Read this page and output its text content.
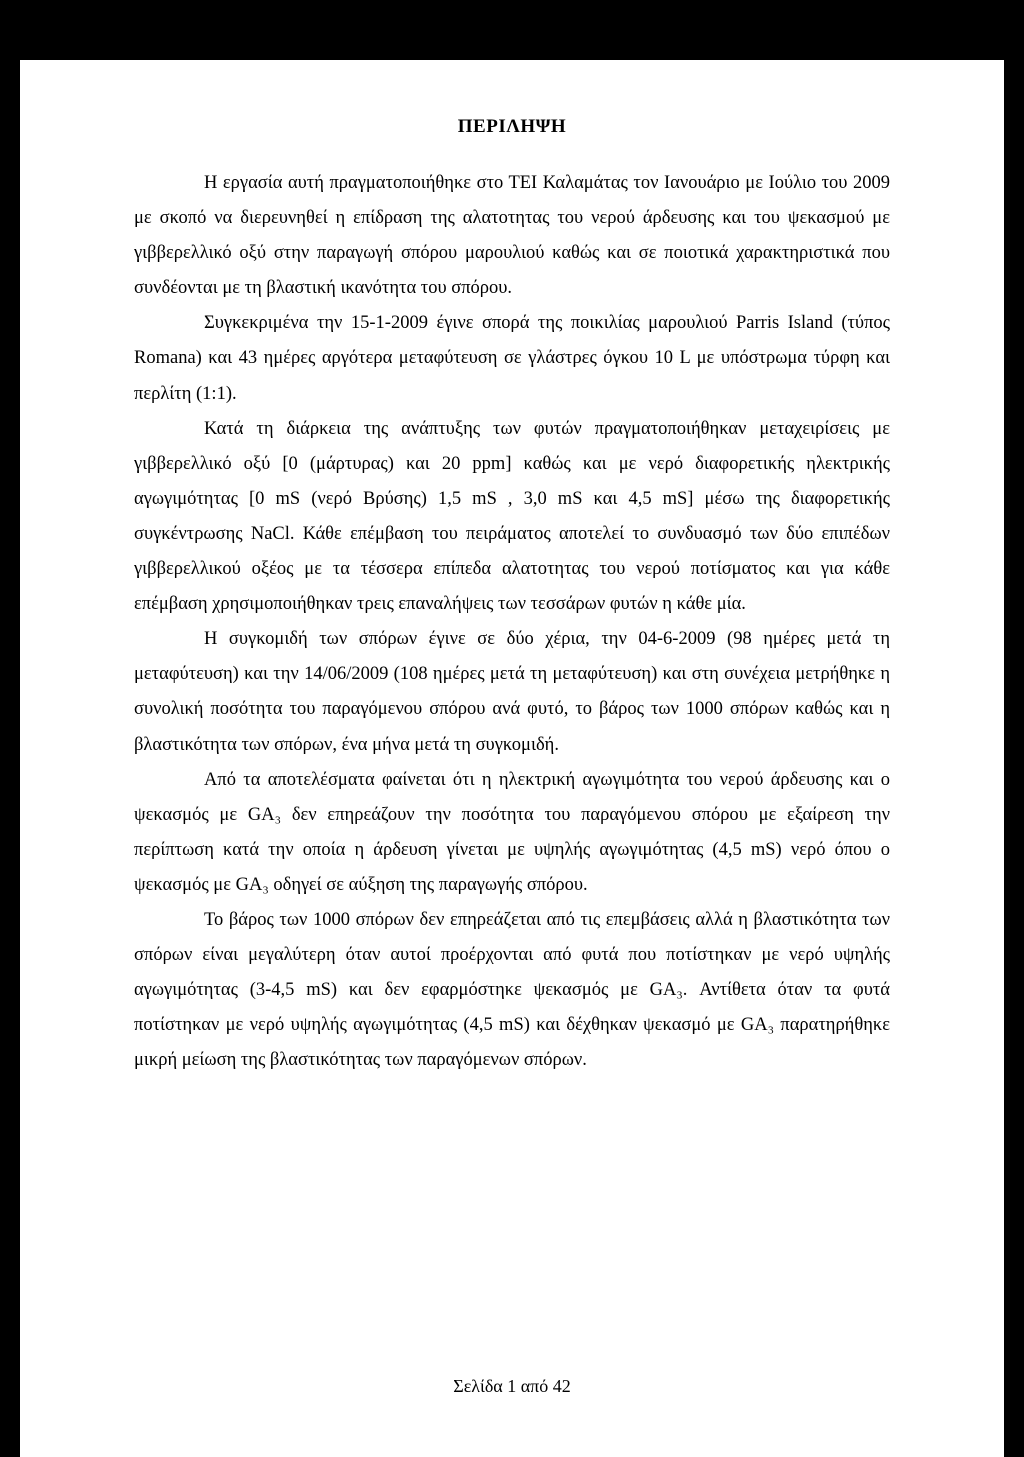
ΠΕΡΙΛΗΨΗ

Η εργασία αυτή πραγματοποιήθηκε στο ΤΕΙ Καλαμάτας τον Ιανουάριο με Ιούλιο του 2009 με σκοπό να διερευνηθεί η επίδραση της αλατοτητας του νερού άρδευσης και του ψεκασμού με γιββερελλικό οξύ στην παραγωγή σπόρου μαρουλιού καθώς και σε ποιοτικά χαρακτηριστικά που συνδέονται με τη βλαστική ικανότητα του σπόρου.

Συγκεκριμένα την 15-1-2009 έγινε σπορά της ποικιλίας μαρουλιού Parris Island (τύπος Romana) και 43 ημέρες αργότερα μεταφύτευση σε γλάστρες όγκου 10 L με υπόστρωμα τύρφη και περλίτη (1:1).

Κατά τη διάρκεια της ανάπτυξης των φυτών πραγματοποιήθηκαν μεταχειρίσεις με γιββερελλικό οξύ [0 (μάρτυρας) και 20 ppm] καθώς και με νερό διαφορετικής ηλεκτρικής αγωγιμότητας [0 mS (νερό Βρύσης) 1,5 mS , 3,0 mS και 4,5 mS] μέσω της διαφορετικής συγκέντρωσης NaCl. Κάθε επέμβαση του πειράματος αποτελεί το συνδυασμό των δύο επιπέδων γιββερελλικού οξέος με τα τέσσερα επίπεδα αλατοτητας του νερού ποτίσματος και για κάθε επέμβαση χρησιμοποιήθηκαν τρεις επαναλήψεις των τεσσάρων φυτών η κάθε μία.

Η συγκομιδή των σπόρων έγινε σε δύο χέρια, την 04-6-2009 (98 ημέρες μετά τη μεταφύτευση) και την 14/06/2009 (108 ημέρες μετά τη μεταφύτευση) και στη συνέχεια μετρήθηκε η συνολική ποσότητα του παραγόμενου σπόρου ανά φυτό, το βάρος των 1000 σπόρων καθώς και η βλαστικότητα των σπόρων, ένα μήνα μετά τη συγκομιδή.

Από τα αποτελέσματα φαίνεται ότι η ηλεκτρική αγωγιμότητα του νερού άρδευσης και ο ψεκασμός με GA₃ δεν επηρεάζουν την ποσότητα του παραγόμενου σπόρου με εξαίρεση την περίπτωση κατά την οποία η άρδευση γίνεται με υψηλής αγωγιμότητας (4,5 mS) νερό όπου ο ψεκασμός με GA₃ οδηγεί σε αύξηση της παραγωγής σπόρου.

Το βάρος των 1000 σπόρων δεν επηρεάζεται από τις επεμβάσεις αλλά η βλαστικότητα των σπόρων είναι μεγαλύτερη όταν αυτοί προέρχονται από φυτά που ποτίστηκαν με νερό υψηλής αγωγιμότητας (3-4,5 mS) και δεν εφαρμόστηκε ψεκασμός με GA₃. Αντίθετα όταν τα φυτά ποτίστηκαν με νερό υψηλής αγωγιμότητας (4,5 mS) και δέχθηκαν ψεκασμό με GA₃ παρατηρήθηκε μικρή μείωση της βλαστικότητας των παραγόμενων σπόρων.

Σελίδα 1 από 42
